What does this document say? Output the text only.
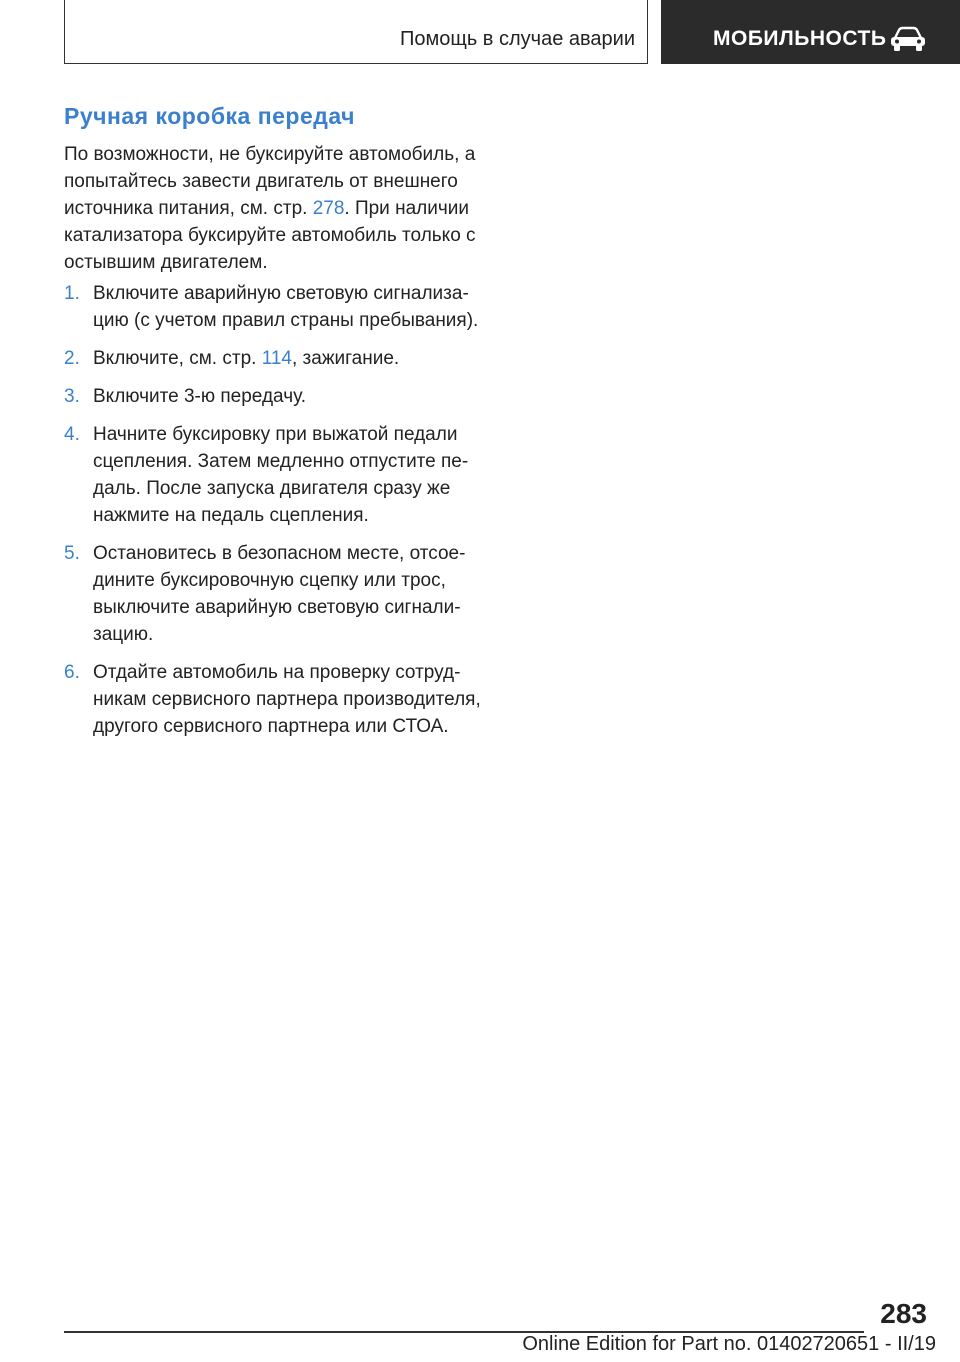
Помощь в случае аварии	МОБИЛЬНОСТЬ
Ручная коробка передач

По возможности, не буксируйте автомобиль, а попытайтесь завести двигатель от внешнего источника питания, см. стр. 278. При наличии катализатора буксируйте автомобиль только с остывшим двигателем.

1. Включите аварийную световую сигнализацию (с учетом правил страны пребывания).
2. Включите, см. стр. 114, зажигание.
3. Включите 3-ю передачу.
4. Начните буксировку при выжатой педали сцепления. Затем медленно отпустите педаль. После запуска двигателя сразу же нажмите на педаль сцепления.
5. Остановитесь в безопасном месте, отсоедините буксировочную сцепку или трос, выключите аварийную световую сигнализацию.
6. Отдайте автомобиль на проверку сотрудникам сервисного партнера производителя, другого сервисного партнера или СТОА.
283
Online Edition for Part no. 01402720651 - II/19
